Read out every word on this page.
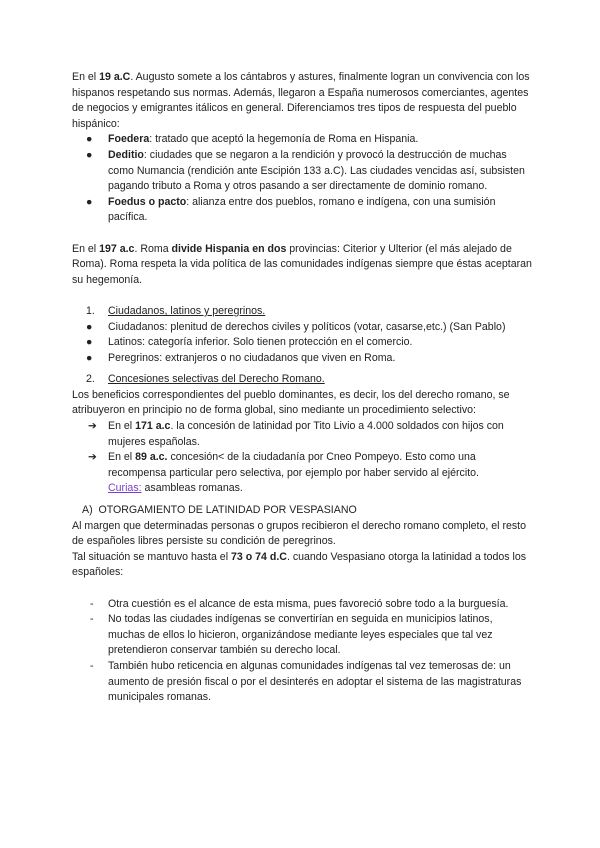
En el 19 a.C. Augusto somete a los cántabros y astures, finalmente logran un convivencia con los hispanos respetando sus normas. Además, llegaron a España numerosos comerciantes, agentes de negocios y emigrantes itálicos en general. Diferenciamos tres tipos de respuesta del pueblo hispánico:

● Foedera: tratado que aceptó la hegemonía de Roma en Hispania.
● Deditio: ciudades que se negaron a la rendición y provocó la destrucción de muchas como Numancia (rendición ante Escipión 133 a.C). Las ciudades vencidas así, subsisten pagando tributo a Roma y otros pasando a ser directamente de dominio romano.
● Foedus o pacto: alianza entre dos pueblos, romano e indígena, con una sumisión pacífica.

En el 197 a.c. Roma divide Hispania en dos provincias: Citerior y Ulterior (el más alejado de Roma). Roma respeta la vida política de las comunidades indígenas siempre que éstas aceptaran su hegemonía.

1. Ciudadanos, latinos y peregrinos.
● Ciudadanos: plenitud de derechos civiles y políticos (votar, casarse,etc.) (San Pablo)
● Latinos: categoría inferior. Solo tienen protección en el comercio.
● Peregrinos: extranjeros o no ciudadanos que viven en Roma.
2. Concesiones selectivas del Derecho Romano.

Los beneficios correspondientes del pueblo dominantes, es decir, los del derecho romano, se atribuyeron en principio no de forma global, sino mediante un procedimiento selectivo:

➔ En el 171 a.c. la concesión de latinidad por Tito Livio a 4.000 soldados con hijos con mujeres españolas.
➔ En el 89 a.c. concesión< de la ciudadanía por Cneo Pompeyo. Esto como una recompensa particular pero selectiva, por ejemplo por haber servido al ejército.
Curias: asambleas romanas.
A) OTORGAMIENTO DE LATINIDAD POR VESPASIANO

Al margen que determinadas personas o grupos recibieron el derecho romano completo, el resto de españoles libres persiste su condición de peregrinos.

Tal situación se mantuvo hasta el 73 o 74 d.C. cuando Vespasiano otorga la latinidad a todos los españoles:

- Otra cuestión es el alcance de esta misma, pues favoreció sobre todo a la burguesía.
- No todas las ciudades indígenas se convertirían en seguida en municipios latinos, muchas de ellos lo hicieron, organizándose mediante leyes especiales que tal vez pretendieron conservar también su derecho local.
- También hubo reticencia en algunas comunidades indígenas tal vez temerosas de: un aumento de presión fiscal o por el desinterés en adoptar el sistema de las magistraturas municipales romanas.
